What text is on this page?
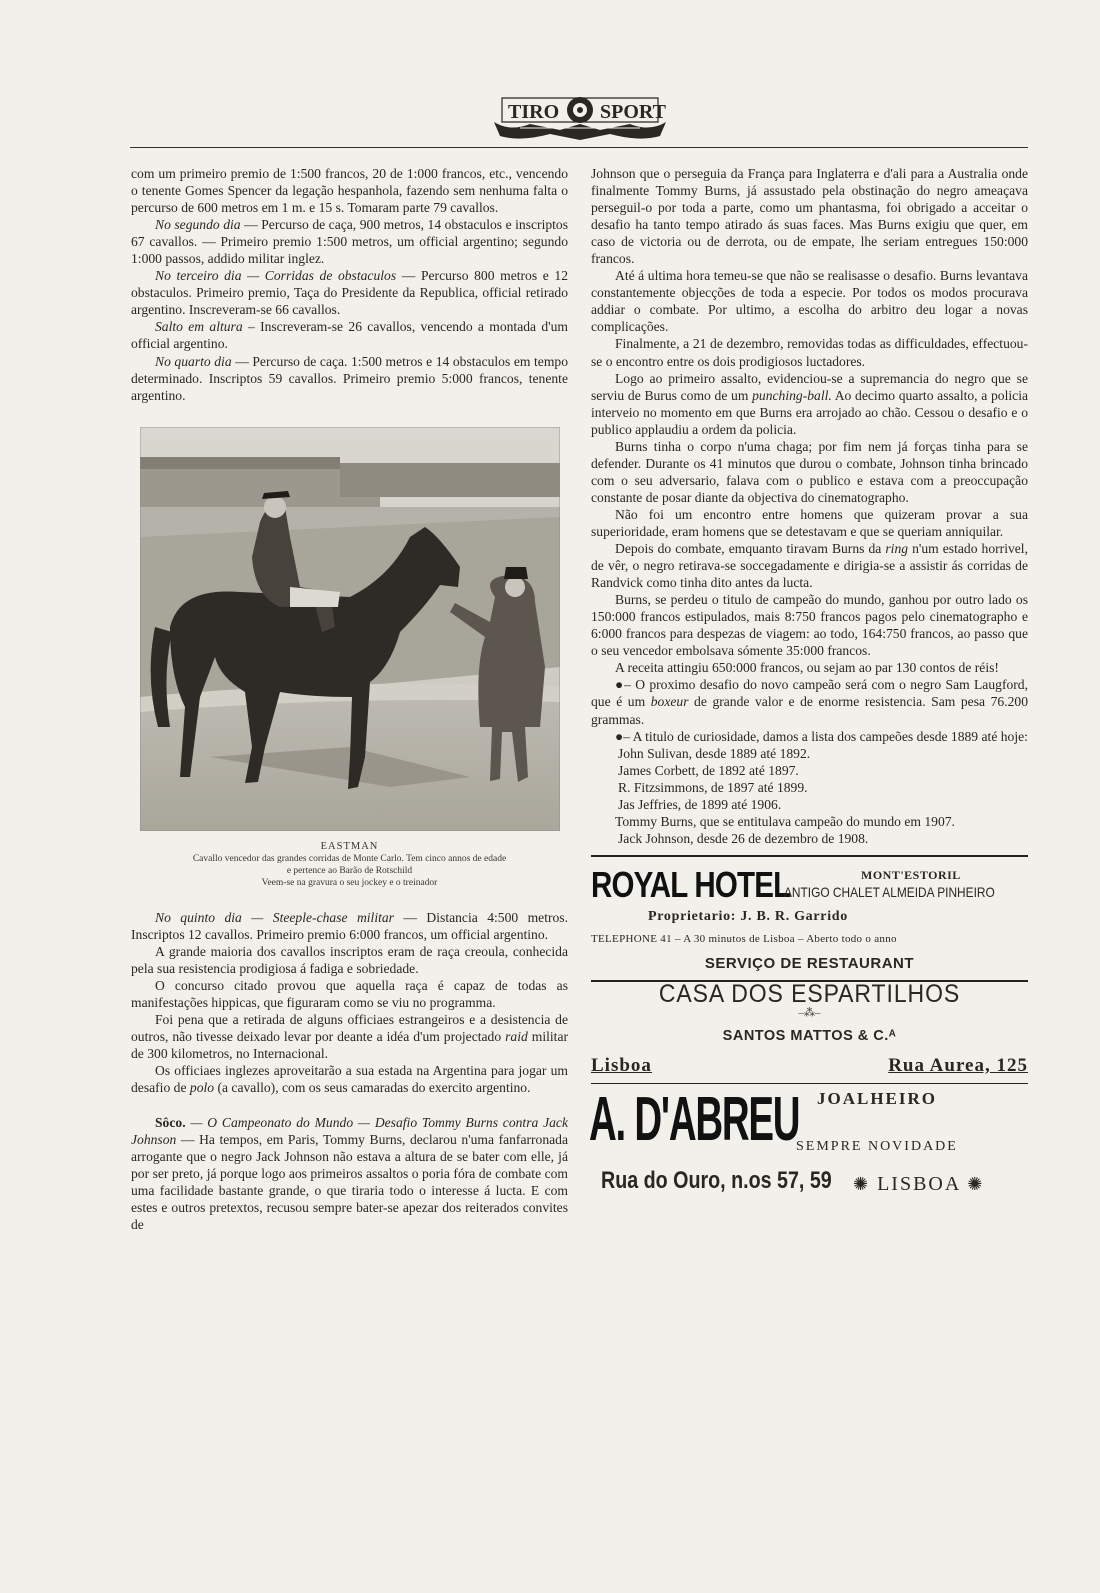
TIRO SPORT

com um primeiro premio de 1:500 francos, 20 de 1:000 francos, etc., vencendo o tenente Gomes Spencer da legação hespanhola, fazendo sem nenhuma falta o percurso de 600 metros em 1 m. e 15 s. Tomaram parte 79 cavallos.

No segundo dia — Percurso de caça, 900 metros, 14 obstaculos e inscriptos 67 cavallos. — Primeiro premio 1:500 metros, um official argentino; segundo 1:000 passos, addido militar inglez.

No terceiro dia — Corridas de obstaculos — Percurso 800 metros e 12 obstaculos. Primeiro premio, Taça do Presidente da Republica, official retirado argentino. Inscreveram-se 66 cavallos.

Salto em altura – Inscreveram-se 26 cavallos, vencendo a montada d'um official argentino.

No quarto dia — Percurso de caça. 1:500 metros e 14 obstaculos em tempo determinado. Inscriptos 59 cavallos. Primeiro premio 5:000 francos, tenente argentino.

EASTMAN
Cavallo vencedor das grandes corridas de Monte Carlo. Tem cinco annos de edade
e pertence ao Barão de Rotschild
Veem-se na gravura o seu jockey e o treinador

No quinto dia — Steeple-chase militar — Distancia 4:500 metros. Inscriptos 12 cavallos. Primeiro premio 6:000 francos, um official argentino.

A grande maioria dos cavallos inscriptos eram de raça creoula, conhecida pela sua resistencia prodigiosa á fadiga e sobriedade.

O concurso citado provou que aquella raça é capaz de todas as manifestações hippicas, que figuraram como se viu no programma.

Foi pena que a retirada de alguns officiaes estrangeiros e a desistencia de outros, não tivesse deixado levar por deante a idéa d'um projectado raid militar de 300 kilometros, no Internacional.

Os officiaes inglezes aproveitarão a sua estada na Argentina para jogar um desafio de polo (a cavallo), com os seus camaradas do exercito argentino.

Sôco. — O Campeonato do Mundo — Desafio Tommy Burns contra Jack Johnson — Ha tempos, em Paris, Tommy Burns, declarou n'uma fanfarronada arrogante que o negro Jack Johnson não estava a altura de se bater com elle, já por ser preto, já porque logo aos primeiros assaltos o poria fóra de combate com uma facilidade bastante grande, o que tiraria todo o interesse á lucta. E com estes e outros pretextos, recusou sempre bater-se apezar dos reiterados convites de

Johnson que o perseguia da França para Inglaterra e d'ali para a Australia onde finalmente Tommy Burns, já assustado pela obstinação do negro ameaçava perseguil-o por toda a parte, como um phantasma, foi obrigado a acceitar o desafio ha tanto tempo atirado ás suas faces. Mas Burns exigiu que quer, em caso de victoria ou de derrota, ou de empate, lhe seriam entregues 150:000 francos.

Até á ultima hora temeu-se que não se realisasse o desafio. Burns levantava constantemente objecções de toda a especie. Por todos os modos procurava addiar o combate. Por ultimo, a escolha do arbitro deu logar a novas complicações.

Finalmente, a 21 de dezembro, removidas todas as difficuldades, effectuou-se o encontro entre os dois prodigiosos luctadores.

Logo ao primeiro assalto, evidenciou-se a supremancia do negro que se serviu de Burus como de um punching-ball. Ao decimo quarto assalto, a policia interveio no momento em que Burns era arrojado ao chão. Cessou o desafio e o publico applaudiu a ordem da policia.

Burns tinha o corpo n'uma chaga; por fim nem já forças tinha para se defender. Durante os 41 minutos que durou o combate, Johnson tinha brincado com o seu adversario, falava com o publico e estava com a preoccupação constante de posar diante da objectiva do cinematographo.

Não foi um encontro entre homens que quizeram provar a sua superioridade, eram homens que se detestavam e que se queriam anniquilar.

Depois do combate, emquanto tiravam Burns da ring n'um estado horrivel, de vêr, o negro retirava-se soccegadamente e dirigia-se a assistir ás corridas de Randvick como tinha dito antes da lucta.

Burns, se perdeu o titulo de campeão do mundo, ganhou por outro lado os 150:000 francos estipulados, mais 8:750 francos pagos pelo cinematographo e 6:000 francos para despezas de viagem: ao todo, 164:750 francos, ao passo que o seu vencedor embolsava sómente 35:000 francos.

A receita attingiu 650:000 francos, ou sejam ao par 130 contos de réis!

●– O proximo desafio do novo campeão será com o negro Sam Laugford, que é um boxeur de grande valor e de enorme resistencia. Sam pesa 76.200 grammas.

●– A titulo de curiosidade, damos a lista dos campeões desde 1889 até hoje:

John Sulivan, desde 1889 até 1892.

James Corbett, de 1892 até 1897.

R. Fitzsimmons, de 1897 até 1899.

Jas Jeffries, de 1899 até 1906.

Tommy Burns, que se entitulava campeão do mundo em 1907.

Jack Johnson, desde 26 de dezembro de 1908.

ROYAL HOTEL	MONT'ESTORIL
ANTIGO CHALET ALMEIDA PINHEIRO
Proprietario: J. B. R. Garrido
TELEPHONE 41 – A 30 minutos de Lisboa – Aberto todo o anno
SERVIÇO DE RESTAURANT
CASA DOS ESPARTILHOS
–⁂–
SANTOS MATTOS & C.ᴬ
Lisboa	Rua Aurea, 125
A. D'ABREU JOALHEIRO
SEMPRE NOVIDADE
Rua do Ouro, n.os 57, 59 ✺ LISBOA ✺
